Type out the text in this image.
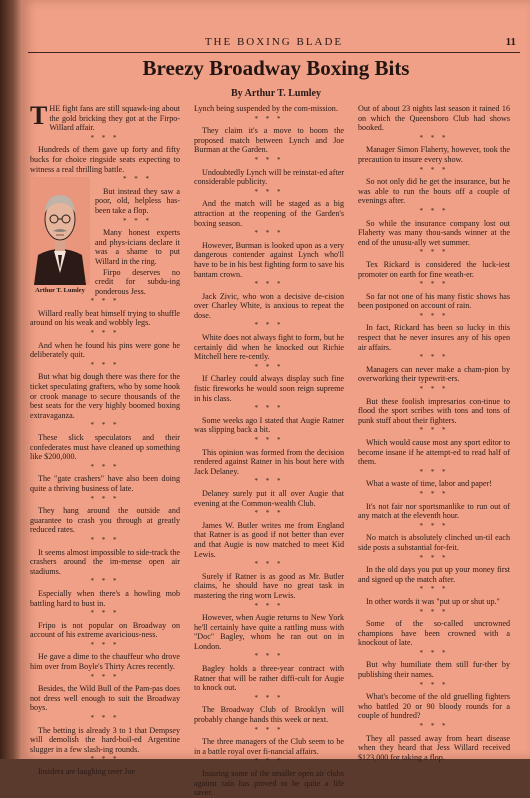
THE BOXING BLADE	11
Breezy Broadway Boxing Bits
By Arthur T. Lumley

THE fight fans are still squawk-ing about the gold bricking they got at the Firpo-Willard affair.

* * *

Hundreds of them gave up forty and fifty bucks for choice ringside seats expecting to witness a real thrilling battle.

Arthur T. Lumley
* * *

But instead they saw a poor, old, helpless has-been take a flop.

* * *

Many honest experts and phys-icians declare it was a shame to put Willard in the ring.

Firpo deserves no credit for subdu-ing ponderous Jess.

* * *

Willard really beat himself trying to shuffle around on his weak and wobbly legs.

* * *

And when he found his pins were gone he deliberately quit.

* * *

But what big dough there was there for the ticket speculating grafters, who by some hook or crook manage to secure thousands of the best seats for the very highly boomed boxing extravaganza.

* * *

These slick speculators and their confederates must have cleaned up something like $200,000.

* * *

The "gate crashers" have also been doing quite a thriving business of late.

* * *

They hang around the outside and guarantee to crash you through at greatly reduced rates.

* * *

It seems almost impossible to side-track the crashers around the im-mense open air stadiums.

* * *

Especially when there's a howling mob battling hard to bust in.

* * *

Fripo is not popular on Broadway on account of his extreme avaricious-ness.

* * *

He gave a dime to the chauffeur who drove him over from Boyle's Thirty Acres recently.

* * *

Besides, the Wild Bull of the Pam-pas does not dress well enough to suit the Broadway boys.

* * *

The betting is already 3 to 1 that Dempsey will demolish the hard-boil-ed Argentine slugger in a few slash-ing rounds.

* * *

Insiders are laughing over Joe

Lynch being suspended by the com-mission.

* * *

They claim it's a move to boom the proposed match between Lynch and Joe Burman at the Garden.

* * *

Undoubtedly Lynch will be reinstat-ed after considerable publicity.

* * *

And the match will be staged as a big attraction at the reopening of the Garden's boxing season.

* * *

However, Burman is looked upon as a very dangerous contender against Lynch who'll have to be in his best fighting form to save his bantam crown.

* * *

Jack Zivic, who won a decisive de-cision over Charley White, is anxious to repeat the dose.

* * *

White does not always fight to form, but he certainly did when he knocked out Richie Mitchell here re-cently.

* * *

If Charley could always display such fine fistic fireworks he would soon reign supreme in his class.

* * *

Some weeks ago I stated that Augie Ratner was slipping back a bit.

* * *

This opinion was formed from the decision rendered against Ratner in his bout here with Jack Delaney.

* * *

Delaney surely put it all over Augie that evening at the Common-wealth Club.

* * *

James W. Butler writes me from England that Ratner is as good if not better than ever and that Augie is now matched to meet Kid Lewis.

* * *

Surely if Ratner is as good as Mr. Butler claims, he should have no great task in mastering the ring worn Lewis.

* * *

However, when Augie returns to New York he'll certainly have quite a rattling muss with "Doc" Bagley, whom he ran out on in London.

* * *

Bagley holds a three-year contract with Ratner that will be rather diffi-cult for Augie to knock out.

* * *

The Broadway Club of Brooklyn will probably change hands this week or next.

* * *

The three managers of the Club seem to be in a battle royal over fi-nancial affairs.

* * *

Insuring some of the smaller open air clubs against rain has proved to be quite a life saver.

Out of about 23 nights last season it rained 16 on which the Queensboro Club had shows booked.

* * *

Manager Simon Flaherty, however, took the precaution to insure every show.

* * *

So not only did he get the insurance, but he was able to run the bouts off a couple of evenings after.

* * *

So while the insurance company lost out Flaherty was many thou-sands winner at the end of the unusu-ally wet summer.

* * *

Tex Rickard is considered the luck-iest promoter on earth for fine weath-er.

* * *

So far not one of his many fistic shows has been postponed on account of rain.

* * *

In fact, Rickard has been so lucky in this respect that he never insures any of his open air affairs.

* * *

Managers can never make a cham-pion by overworking their typewrit-ers.

* * *

But these foolish impresarios con-tinue to flood the sport scribes with tons and tons of punk stuff about their fighters.

* * *

Which would cause most any sport editor to become insane if he attempt-ed to read half of them.

* * *

What a waste of time, labor and paper!

* * *

It's not fair nor sportsmanlike to run out of any match at the eleventh hour.

* * *

No match is absolutely clinched un-til each side posts a substantial for-feit.

* * *

In the old days you put up your money first and signed up the match after.

* * *

In other words it was "put up or shut up."

* * *

Some of the so-called uncrowned champions have been crowned with a knockout of late.

* * *

But why humiliate them still fur-ther by publishing their names.

* * *

What's become of the old gruelling fighters who battled 20 or 90 bloody rounds for a couple of hundred?

* * *

They all passed away from heart disease when they heard that Jess Willard received $123,000 for taking a flop.
